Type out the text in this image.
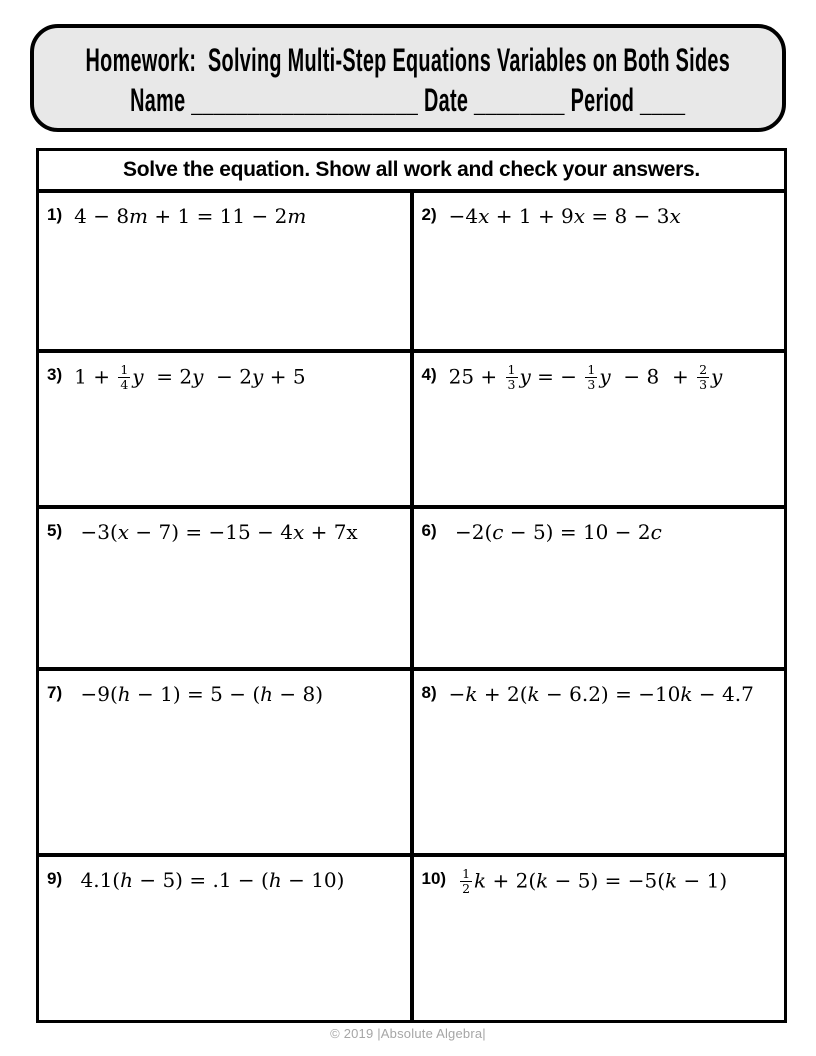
Homework:  Solving Multi-Step Equations Variables on Both Sides
Name ____________________ Date ________ Period ____
Solve the equation. Show all work and check your answers.
1) 4 − 8m + 1 = 11 − 2m	2) −4x + 1 + 9x = 8 − 3x
3) $1 + \frac{1}{4}$ y  = 2y  − 2y + 5	4) $25 + \frac{1}{3}$ y = − $\frac{1}{3}$ $y - 8 + \frac{2}{3}$ y
5) −3(x − 7) = −15 − 4x + 7x	6) −2(c − 5) = 10 − 2c
7) −9(h − 1) = 5 − (h − 8)	8) −k + 2(k − 6.2) = −10k − 4.7
9) 4.1(h − 5) = .1 − (h − 10)	$10) \frac{1}{2}$ k + 2(k − 5) = −5(k − 1)
© 2019 |Absolute Algebra|
